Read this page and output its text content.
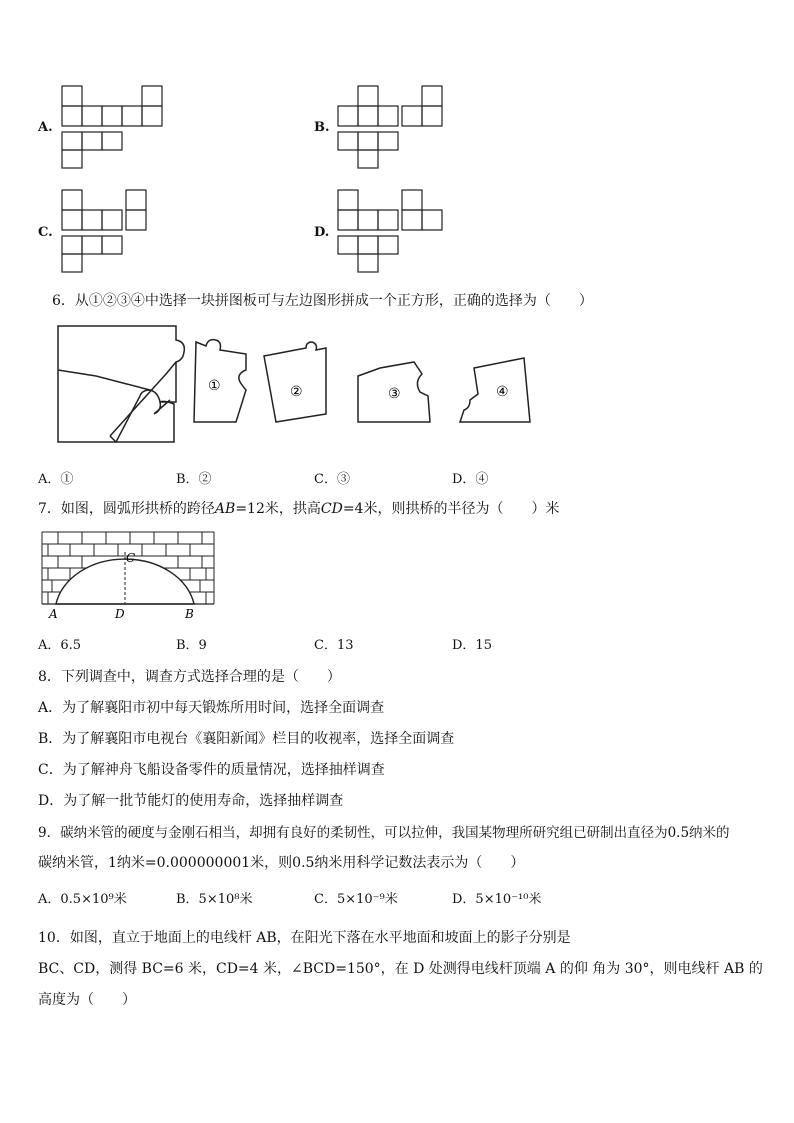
A.	B.
C.	D.
6．从①②③④中选择一块拼图板可与左边图形拼成一个正方形，正确的选择为（　　）
①	②	③	④
A．①	B．②	C．③	D．④
7．如图，圆弧形拱桥的跨径AB=12米，拱高CD=4米，则拱桥的半径为（　　）米
A	D	B
C
A．6.5	B．9	C．13	D．15
8．下列调查中，调查方式选择合理的是（　　）
A．为了解襄阳市初中每天锻炼所用时间，选择全面调查
B．为了解襄阳市电视台《襄阳新闻》栏目的收视率，选择全面调查
C．为了解神舟飞船设备零件的质量情况，选择抽样调查
D．为了解一批节能灯的使用寿命，选择抽样调查
9．碳纳米管的硬度与金刚石相当，却拥有良好的柔韧性，可以拉伸，我国某物理所研究组已研制出直径为0.5纳米的
碳纳米管，1纳米=0.000000001米，则0.5纳米用科学记数法表示为（　　）
A．0.5×10⁹米	B．5×10⁸米	C．5×10⁻⁹米	D．5×10⁻¹⁰米
10．如图，直立于地面上的电线杆 AB，在阳光下落在水平地面和坡面上的影子分别是
BC、CD，测得 BC=6 米，CD=4 米，∠BCD=150°，在 D 处测得电线杆顶端 A 的仰 角为 30°，则电线杆 AB 的
高度为（　　）
